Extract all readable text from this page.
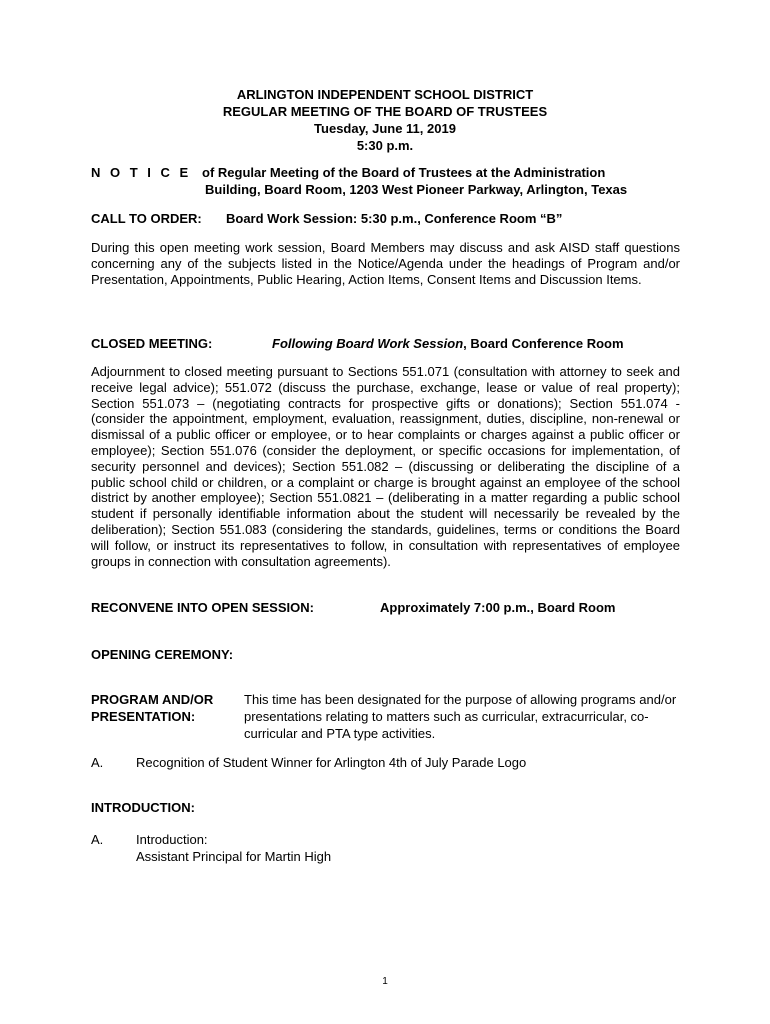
ARLINGTON INDEPENDENT SCHOOL DISTRICT
REGULAR MEETING OF THE BOARD OF TRUSTEES
Tuesday, June 11, 2019
5:30 p.m.
N O T I C E of Regular Meeting of the Board of Trustees at the Administration
Building, Board Room, 1203 West Pioneer Parkway, Arlington, Texas
CALL TO ORDER: Board Work Session: 5:30 p.m., Conference Room “B”
During this open meeting work session, Board Members may discuss and ask AISD staff questions concerning any of the subjects listed in the Notice/Agenda under the headings of Program and/or Presentation, Appointments, Public Hearing, Action Items, Consent Items and Discussion Items.
CLOSED MEETING:	Following Board Work Session, Board Conference Room
Adjournment to closed meeting pursuant to Sections 551.071 (consultation with attorney to seek and receive legal advice); 551.072 (discuss the purchase, exchange, lease or value of real property); Section 551.073 – (negotiating contracts for prospective gifts or donations); Section 551.074 - (consider the appointment, employment, evaluation, reassignment, duties, discipline, non-renewal or dismissal of a public officer or employee, or to hear complaints or charges against a public officer or employee); Section 551.076 (consider the deployment, or specific occasions for implementation, of security personnel and devices); Section 551.082 – (discussing or deliberating the discipline of a public school child or children, or a complaint or charge is brought against an employee of the school district by another employee); Section 551.0821 – (deliberating in a matter regarding a public school student if personally identifiable information about the student will necessarily be revealed by the deliberation); Section 551.083 (considering the standards, guidelines, terms or conditions the Board will follow, or instruct its representatives to follow, in consultation with representatives of employee groups in connection with consultation agreements).
RECONVENE INTO OPEN SESSION:	Approximately 7:00 p.m., Board Room
OPENING CEREMONY:
PROGRAM AND/OR PRESENTATION:
This time has been designated for the purpose of allowing programs and/or presentations relating to matters such as curricular, extracurricular, co-curricular and PTA type activities.
A.	Recognition of Student Winner for Arlington 4th of July Parade Logo
INTRODUCTION:
A.	Introduction:
Assistant Principal for Martin High
1
